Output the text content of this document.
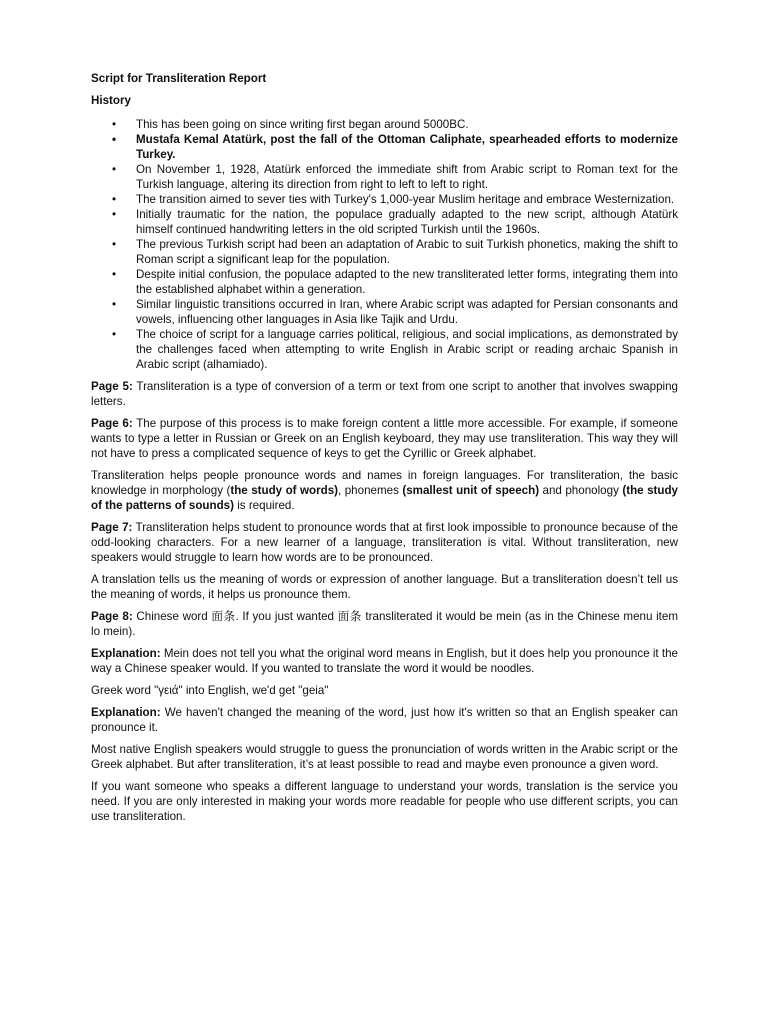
Script for Transliteration Report
History
• This has been going on since writing first began around 5000BC.
• Mustafa Kemal Atatürk, post the fall of the Ottoman Caliphate, spearheaded efforts to modernize Turkey.
• On November 1, 1928, Atatürk enforced the immediate shift from Arabic script to Roman text for the Turkish language, altering its direction from right to left to left to right.
• The transition aimed to sever ties with Turkey's 1,000-year Muslim heritage and embrace Westernization.
• Initially traumatic for the nation, the populace gradually adapted to the new script, although Atatürk himself continued handwriting letters in the old scripted Turkish until the 1960s.
• The previous Turkish script had been an adaptation of Arabic to suit Turkish phonetics, making the shift to Roman script a significant leap for the population.
• Despite initial confusion, the populace adapted to the new transliterated letter forms, integrating them into the established alphabet within a generation.
• Similar linguistic transitions occurred in Iran, where Arabic script was adapted for Persian consonants and vowels, influencing other languages in Asia like Tajik and Urdu.
• The choice of script for a language carries political, religious, and social implications, as demonstrated by the challenges faced when attempting to write English in Arabic script or reading archaic Spanish in Arabic script (alhamiado).

Page 5: Transliteration is a type of conversion of a term or text from one script to another that involves swapping letters.

Page 6: The purpose of this process is to make foreign content a little more accessible. For example, if someone wants to type a letter in Russian or Greek on an English keyboard, they may use transliteration. This way they will not have to press a complicated sequence of keys to get the Cyrillic or Greek alphabet.

Transliteration helps people pronounce words and names in foreign languages. For transliteration, the basic knowledge in morphology (the study of words), phonemes (smallest unit of speech) and phonology (the study of the patterns of sounds) is required.

Page 7: Transliteration helps student to pronounce words that at first look impossible to pronounce because of the odd-looking characters. For a new learner of a language, transliteration is vital. Without transliteration, new speakers would struggle to learn how words are to be pronounced.

A translation tells us the meaning of words or expression of another language. But a transliteration doesn’t tell us the meaning of words, it helps us pronounce them.

Page 8: Chinese word 面条. If you just wanted 面条 transliterated it would be mein (as in the Chinese menu item lo mein).

Explanation: Mein does not tell you what the original word means in English, but it does help you pronounce it the way a Chinese speaker would. If you wanted to translate the word it would be noodles.

Greek word "γειά" into English, we'd get "geia"

Explanation: We haven't changed the meaning of the word, just how it's written so that an English speaker can pronounce it.

Most native English speakers would struggle to guess the pronunciation of words written in the Arabic script or the Greek alphabet. But after transliteration, it’s at least possible to read and maybe even pronounce a given word.

If you want someone who speaks a different language to understand your words, translation is the service you need. If you are only interested in making your words more readable for people who use different scripts, you can use transliteration.
